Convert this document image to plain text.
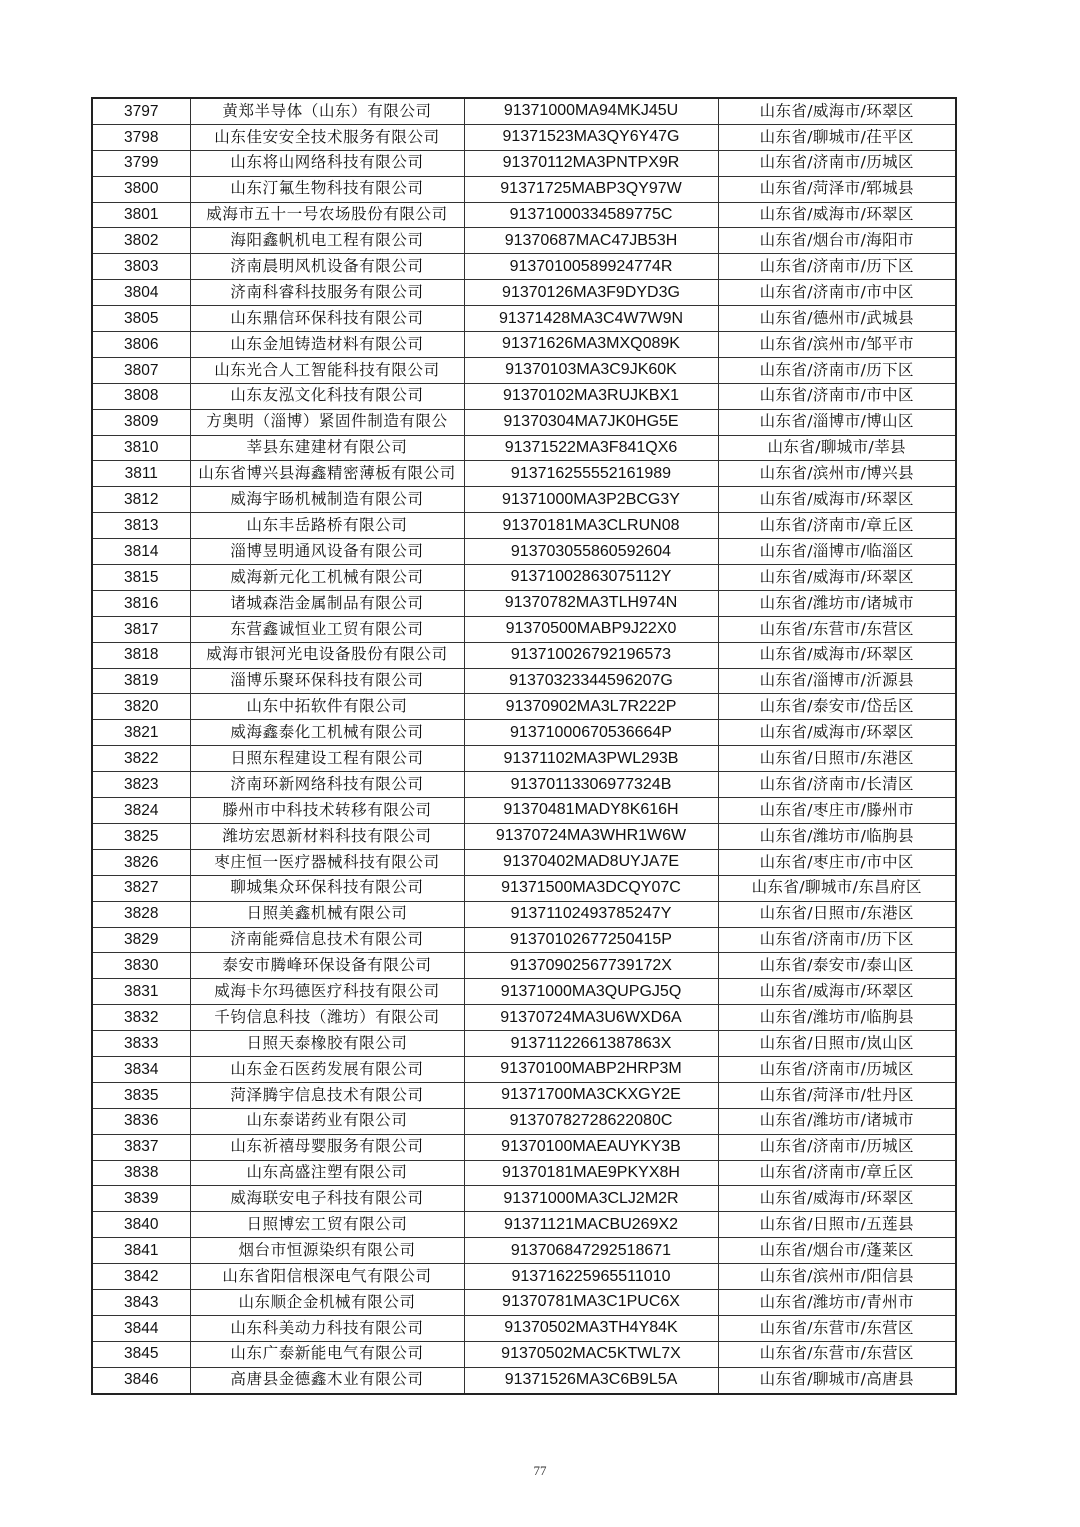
3797	黄郑半导体（山东）有限公司	91371000MA94MKJ45U	山东省/威海市/环翠区
3798	山东佳安安全技术服务有限公司	91371523MA3QY6Y47G	山东省/聊城市/茌平区
3799	山东将山网络科技有限公司	91370112MA3PNTPX9R	山东省/济南市/历城区
3800	山东汀氟生物科技有限公司	91371725MABP3QY97W	山东省/菏泽市/郓城县
3801	威海市五十一号农场股份有限公司	91371000334589775C	山东省/威海市/环翠区
3802	海阳鑫帆机电工程有限公司	91370687MAC47JB53H	山东省/烟台市/海阳市
3803	济南晨明风机设备有限公司	91370100589924774R	山东省/济南市/历下区
3804	济南科睿科技服务有限公司	91370126MA3F9DYD3G	山东省/济南市/市中区
3805	山东鼎信环保科技有限公司	91371428MA3C4W7W9N	山东省/德州市/武城县
3806	山东金旭铸造材料有限公司	91371626MA3MXQ089K	山东省/滨州市/邹平市
3807	山东光合人工智能科技有限公司	91370103MA3C9JK60K	山东省/济南市/历下区
3808	山东友泓文化科技有限公司	91370102MA3RUJKBX1	山东省/济南市/市中区
3809	方奥明（淄博）紧固件制造有限公	91370304MA7JK0HG5E	山东省/淄博市/博山区
3810	莘县东建建材有限公司	91371522MA3F841QX6	山东省/聊城市/莘县
3811	山东省博兴县海鑫精密薄板有限公司	913716255552161989	山东省/滨州市/博兴县
3812	威海宇旸机械制造有限公司	91371000MA3P2BCG3Y	山东省/威海市/环翠区
3813	山东丰岳路桥有限公司	91370181MA3CLRUN08	山东省/济南市/章丘区
3814	淄博昱明通风设备有限公司	913703055860592604	山东省/淄博市/临淄区
3815	威海新元化工机械有限公司	91371002863075112Y	山东省/威海市/环翠区
3816	诸城森浩金属制品有限公司	91370782MA3TLH974N	山东省/潍坊市/诸城市
3817	东营鑫诚恒业工贸有限公司	91370500MABP9J22X0	山东省/东营市/东营区
3818	威海市银河光电设备股份有限公司	913710026792196573	山东省/威海市/环翠区
3819	淄博乐聚环保科技有限公司	91370323344596207G	山东省/淄博市/沂源县
3820	山东中拓软件有限公司	91370902MA3L7R222P	山东省/泰安市/岱岳区
3821	威海鑫泰化工机械有限公司	91371000670536664P	山东省/威海市/环翠区
3822	日照东程建设工程有限公司	91371102MA3PWL293B	山东省/日照市/东港区
3823	济南环新网络科技有限公司	91370113306977324B	山东省/济南市/长清区
3824	滕州市中科技术转移有限公司	91370481MADY8K616H	山东省/枣庄市/滕州市
3825	潍坊宏恩新材料科技有限公司	91370724MA3WHR1W6W	山东省/潍坊市/临朐县
3826	枣庄恒一医疗器械科技有限公司	91370402MAD8UYJA7E	山东省/枣庄市/市中区
3827	聊城集众环保科技有限公司	91371500MA3DCQY07C	山东省/聊城市/东昌府区
3828	日照美鑫机械有限公司	91371102493785247Y	山东省/日照市/东港区
3829	济南能舜信息技术有限公司	91370102677250415P	山东省/济南市/历下区
3830	泰安市腾峰环保设备有限公司	91370902567739172X	山东省/泰安市/泰山区
3831	威海卡尔玛德医疗科技有限公司	91371000MA3QUPGJ5Q	山东省/威海市/环翠区
3832	千钧信息科技（潍坊）有限公司	91370724MA3U6WXD6A	山东省/潍坊市/临朐县
3833	日照天泰橡胶有限公司	91371122661387863X	山东省/日照市/岚山区
3834	山东金石医药发展有限公司	91370100MABP2HRP3M	山东省/济南市/历城区
3835	菏泽腾宇信息技术有限公司	91371700MA3CKXGY2E	山东省/菏泽市/牡丹区
3836	山东泰诺药业有限公司	91370782728622080C	山东省/潍坊市/诸城市
3837	山东祈禧母婴服务有限公司	91370100MAEAUYKY3B	山东省/济南市/历城区
3838	山东高盛注塑有限公司	91370181MAE9PKYX8H	山东省/济南市/章丘区
3839	威海联安电子科技有限公司	91371000MA3CLJ2M2R	山东省/威海市/环翠区
3840	日照博宏工贸有限公司	91371121MACBU269X2	山东省/日照市/五莲县
3841	烟台市恒源染织有限公司	913706847292518671	山东省/烟台市/蓬莱区
3842	山东省阳信根深电气有限公司	913716225965511010	山东省/滨州市/阳信县
3843	山东顺企金机械有限公司	91370781MA3C1PUC6X	山东省/潍坊市/青州市
3844	山东科美动力科技有限公司	91370502MA3TH4Y84K	山东省/东营市/东营区
3845	山东广泰新能电气有限公司	91370502MAC5KTWL7X	山东省/东营市/东营区
3846	高唐县金德鑫木业有限公司	91371526MA3C6B9L5A	山东省/聊城市/高唐县
77
